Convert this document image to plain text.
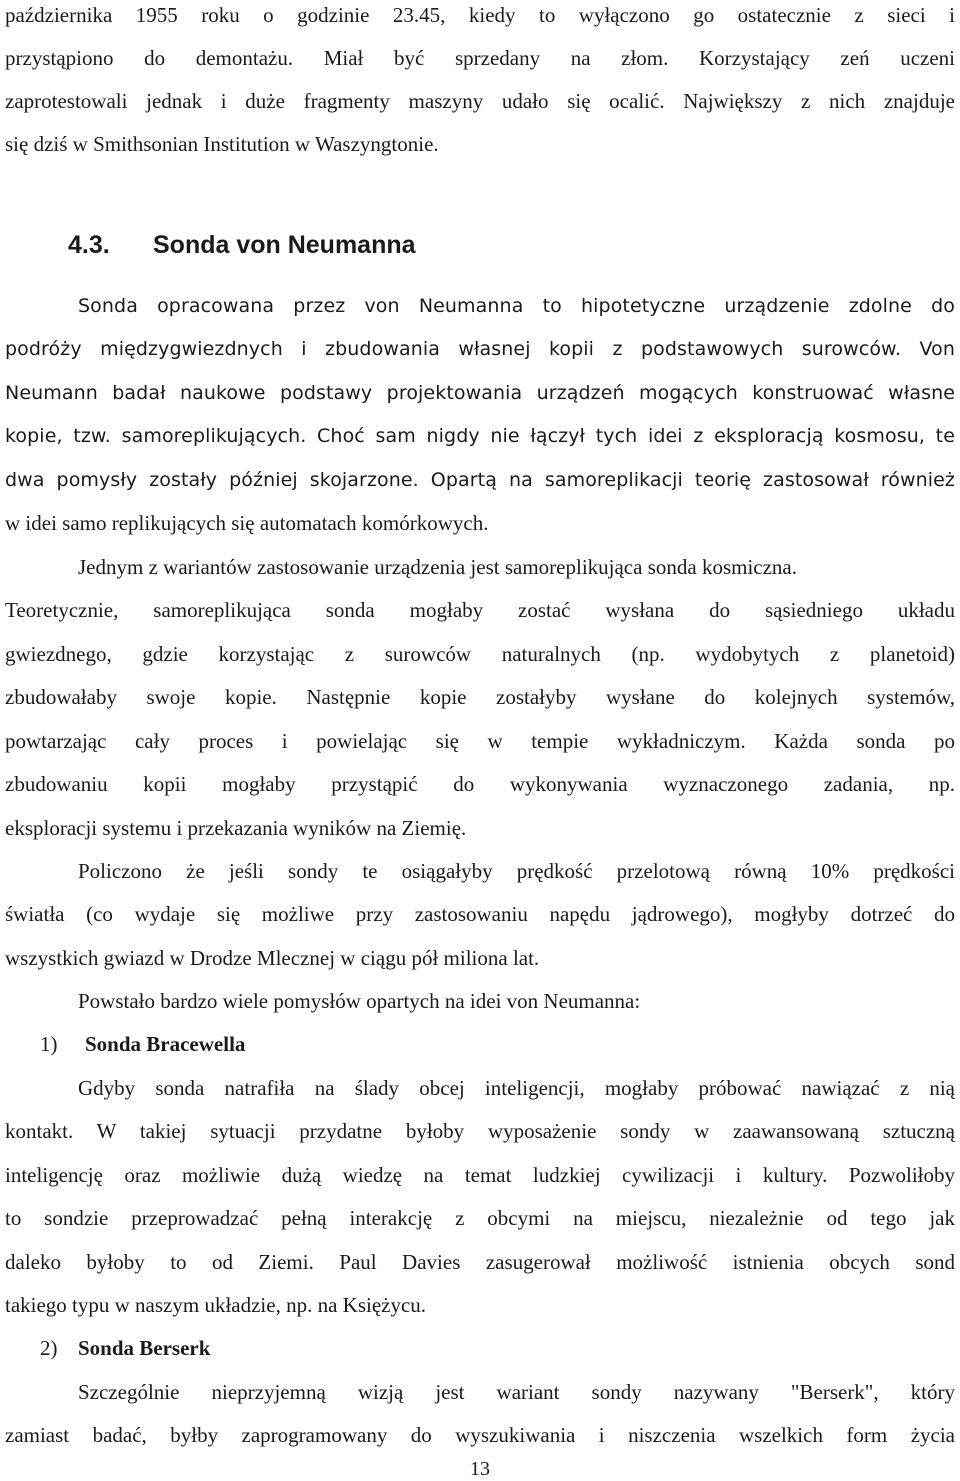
października 1955 roku o godzinie 23.45, kiedy to wyłączono go ostatecznie z sieci i
przystąpiono do demontażu. Miał być sprzedany na złom. Korzystający zeń uczeni
zaprotestowali jednak i duże fragmenty maszyny udało się ocalić. Największy z nich znajduje
się dziś w Smithsonian Institution w Waszyngtonie.
4.3. Sonda von Neumanna
Sonda opracowana przez von Neumanna to hipotetyczne urządzenie zdolne do
podróży międzygwiezdnych i zbudowania własnej kopii z podstawowych surowców. Von
Neumann badał naukowe podstawy projektowania urządzeń mogących konstruować własne
kopie, tzw. samoreplikujących. Choć sam nigdy nie łączył tych idei z eksploracją kosmosu, te
dwa pomysły zostały później skojarzone. Opartą na samoreplikacji teorię zastosował również
w idei samo replikujących się automatach komórkowych.
Jednym z wariantów zastosowanie urządzenia jest samoreplikująca sonda kosmiczna.
Teoretycznie, samoreplikująca sonda mogłaby zostać wysłana do sąsiedniego układu
gwiezdnego, gdzie korzystając z surowców naturalnych (np. wydobytych z planetoid)
zbudowałaby swoje kopie. Następnie kopie zostałyby wysłane do kolejnych systemów,
powtarzając cały proces i powielając się w tempie wykładniczym. Każda sonda po
zbudowaniu kopii mogłaby przystąpić do wykonywania wyznaczonego zadania, np.
eksploracji systemu i przekazania wyników na Ziemię.
Policzono że jeśli sondy te osiągałyby prędkość przelotową równą 10% prędkości
światła (co wydaje się możliwe przy zastosowaniu napędu jądrowego), mogłyby dotrzeć do
wszystkich gwiazd w Drodze Mlecznej w ciągu pół miliona lat.
Powstało bardzo wiele pomysłów opartych na idei von Neumanna:
1) Sonda Bracewella
Gdyby sonda natrafiła na ślady obcej inteligencji, mogłaby próbować nawiązać z nią
kontakt. W takiej sytuacji przydatne byłoby wyposażenie sondy w zaawansowaną sztuczną
inteligencję oraz możliwie dużą wiedzę na temat ludzkiej cywilizacji i kultury. Pozwoliłoby
to sondzie przeprowadzać pełną interakcję z obcymi na miejscu, niezależnie od tego jak
daleko byłoby to od Ziemi. Paul Davies zasugerował możliwość istnienia obcych sond
takiego typu w naszym układzie, np. na Księżycu.
2) Sonda Berserk
Szczególnie nieprzyjemną wizją jest wariant sondy nazywany "Berserk", który
zamiast badać, byłby zaprogramowany do wyszukiwania i niszczenia wszelkich form życia
13
